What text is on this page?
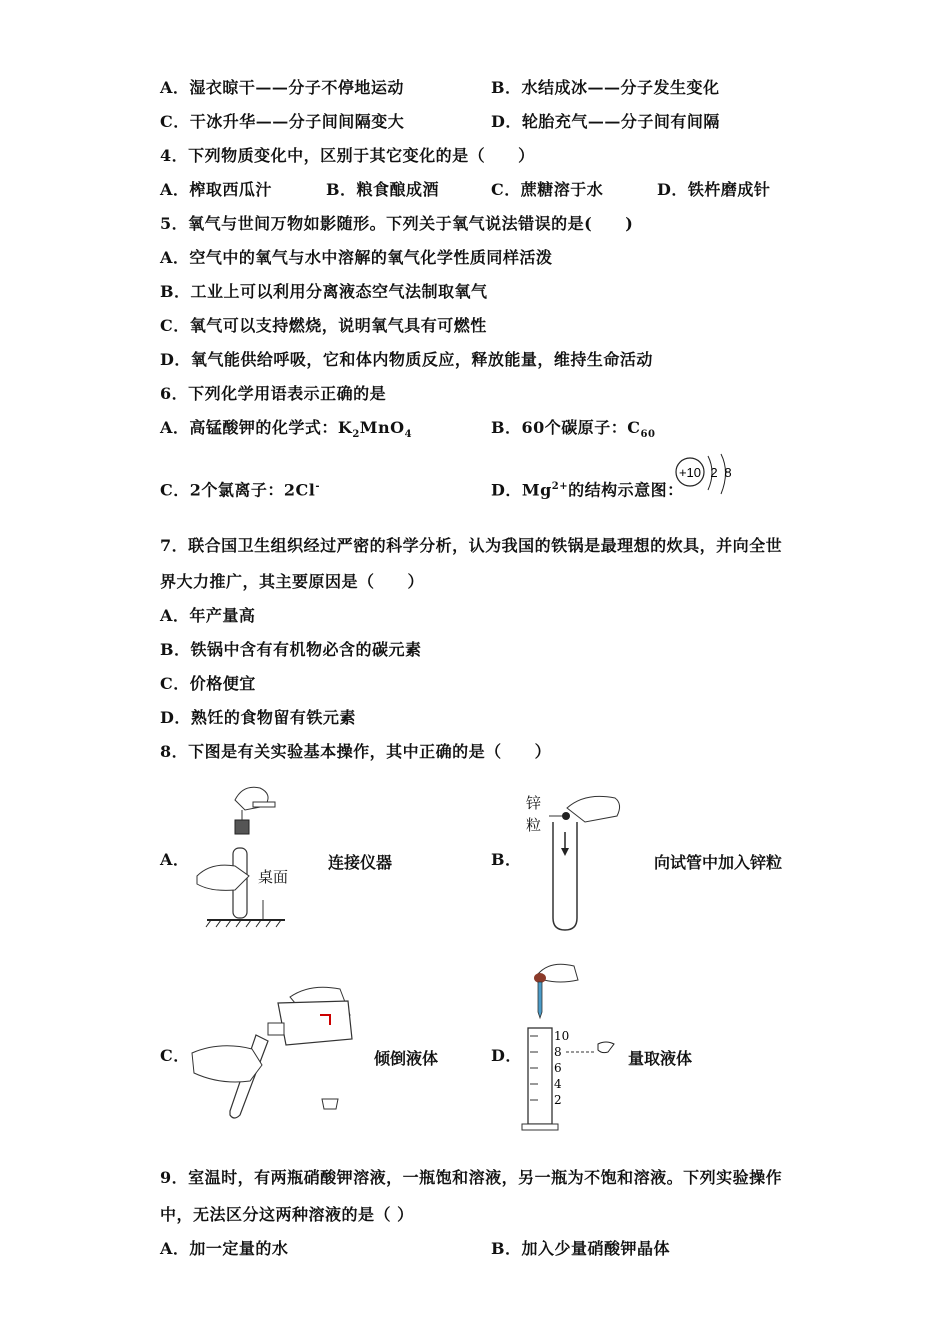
A．湿衣晾干——分子不停地运动	B．水结成冰——分子发生变化
C．干冰升华——分子间间隔变大	D．轮胎充气——分子间有间隔
4．下列物质变化中，区别于其它变化的是（　　）
A．榨取西瓜汁	B．粮食酿成酒	C．蔗糖溶于水	D．铁杵磨成针
5．氧气与世间万物如影随形。下列关于氧气说法错误的是(　　)
A．空气中的氧气与水中溶解的氧气化学性质同样活泼
B．工业上可以利用分离液态空气法制取氧气
C．氧气可以支持燃烧，说明氧气具有可燃性
D．氧气能供给呼吸，它和体内物质反应，释放能量，维持生命活动
6．下列化学用语表示正确的是
A．高锰酸钾的化学式：$K_2MnO_4$	B．60个碳原子：$C_{60}$
C．2个氯离子：2Cl-	D．$Mg^{2+}$的结构示意图：
+10 2 8
7．联合国卫生组织经过严密的科学分析，认为我国的铁锅是最理想的炊具，并向全世
界大力推广，其主要原因是（　　）
A．年产量高
B．铁锅中含有有机物必含的碳元素
C．价格便宜
D．熟饪的食物留有铁元素
8．下图是有关实验基本操作，其中正确的是（　　）
A．
桌面
连接仪器	B．
锌
粒
向试管中加入锌粒
C．	倾倒液体	D．
10
8
6
4
2
量取液体
9．室温时，有两瓶硝酸钾溶液，一瓶饱和溶液，另一瓶为不饱和溶液。下列实验操作
中，无法区分这两种溶液的是（ ）
A．加一定量的水	B．加入少量硝酸钾晶体
